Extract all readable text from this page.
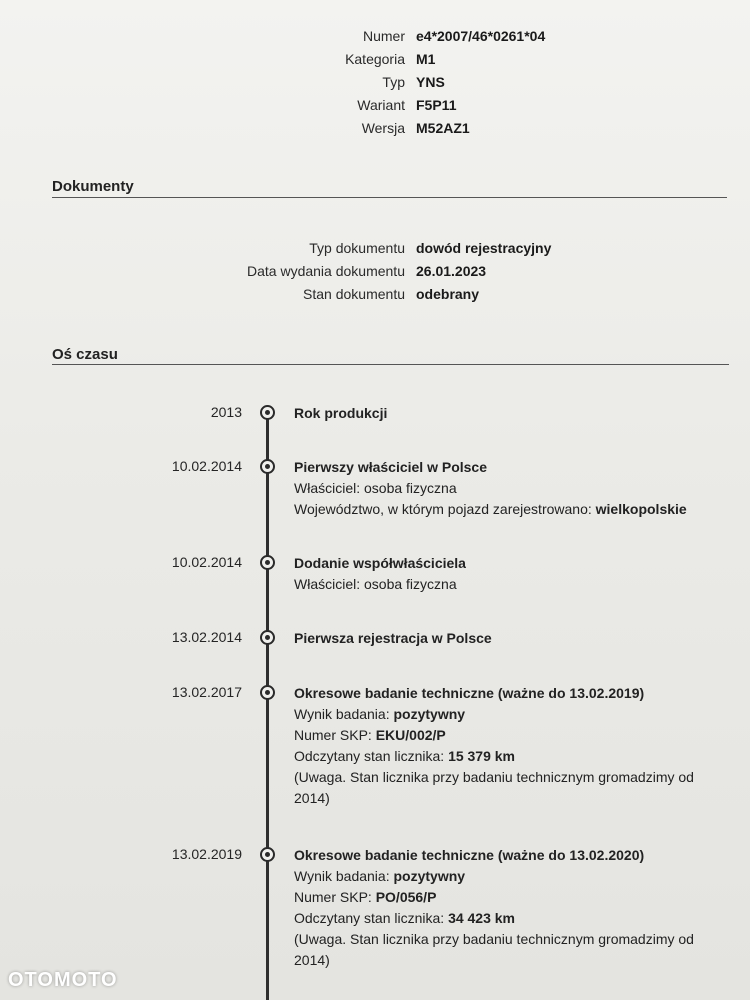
Numer e4*2007/46*0261*04
Kategoria M1
Typ YNS
Wariant F5P11
Wersja M52AZ1
Dokumenty
Typ dokumentu dowód rejestracyjny
Data wydania dokumentu 26.01.2023
Stan dokumentu odebrany
Oś czasu
2013	Rok produkcji
10.02.2014	Pierwszy właściciel w Polsce
Właściciel: osoba fizyczna
Województwo, w którym pojazd zarejestrowano: wielkopolskie
10.02.2014	Dodanie współwłaściciela
Właściciel: osoba fizyczna
13.02.2014	Pierwsza rejestracja w Polsce
13.02.2017	Okresowe badanie techniczne (ważne do 13.02.2019)
Wynik badania: pozytywny
Numer SKP: EKU/002/P
Odczytany stan licznika: 15 379 km
(Uwaga. Stan licznika przy badaniu technicznym gromadzimy od 2014)
13.02.2019	Okresowe badanie techniczne (ważne do 13.02.2020)
Wynik badania: pozytywny
Numer SKP: PO/056/P
Odczytany stan licznika: 34 423 km
(Uwaga. Stan licznika przy badaniu technicznym gromadzimy od 2014)
OTOMOTO
